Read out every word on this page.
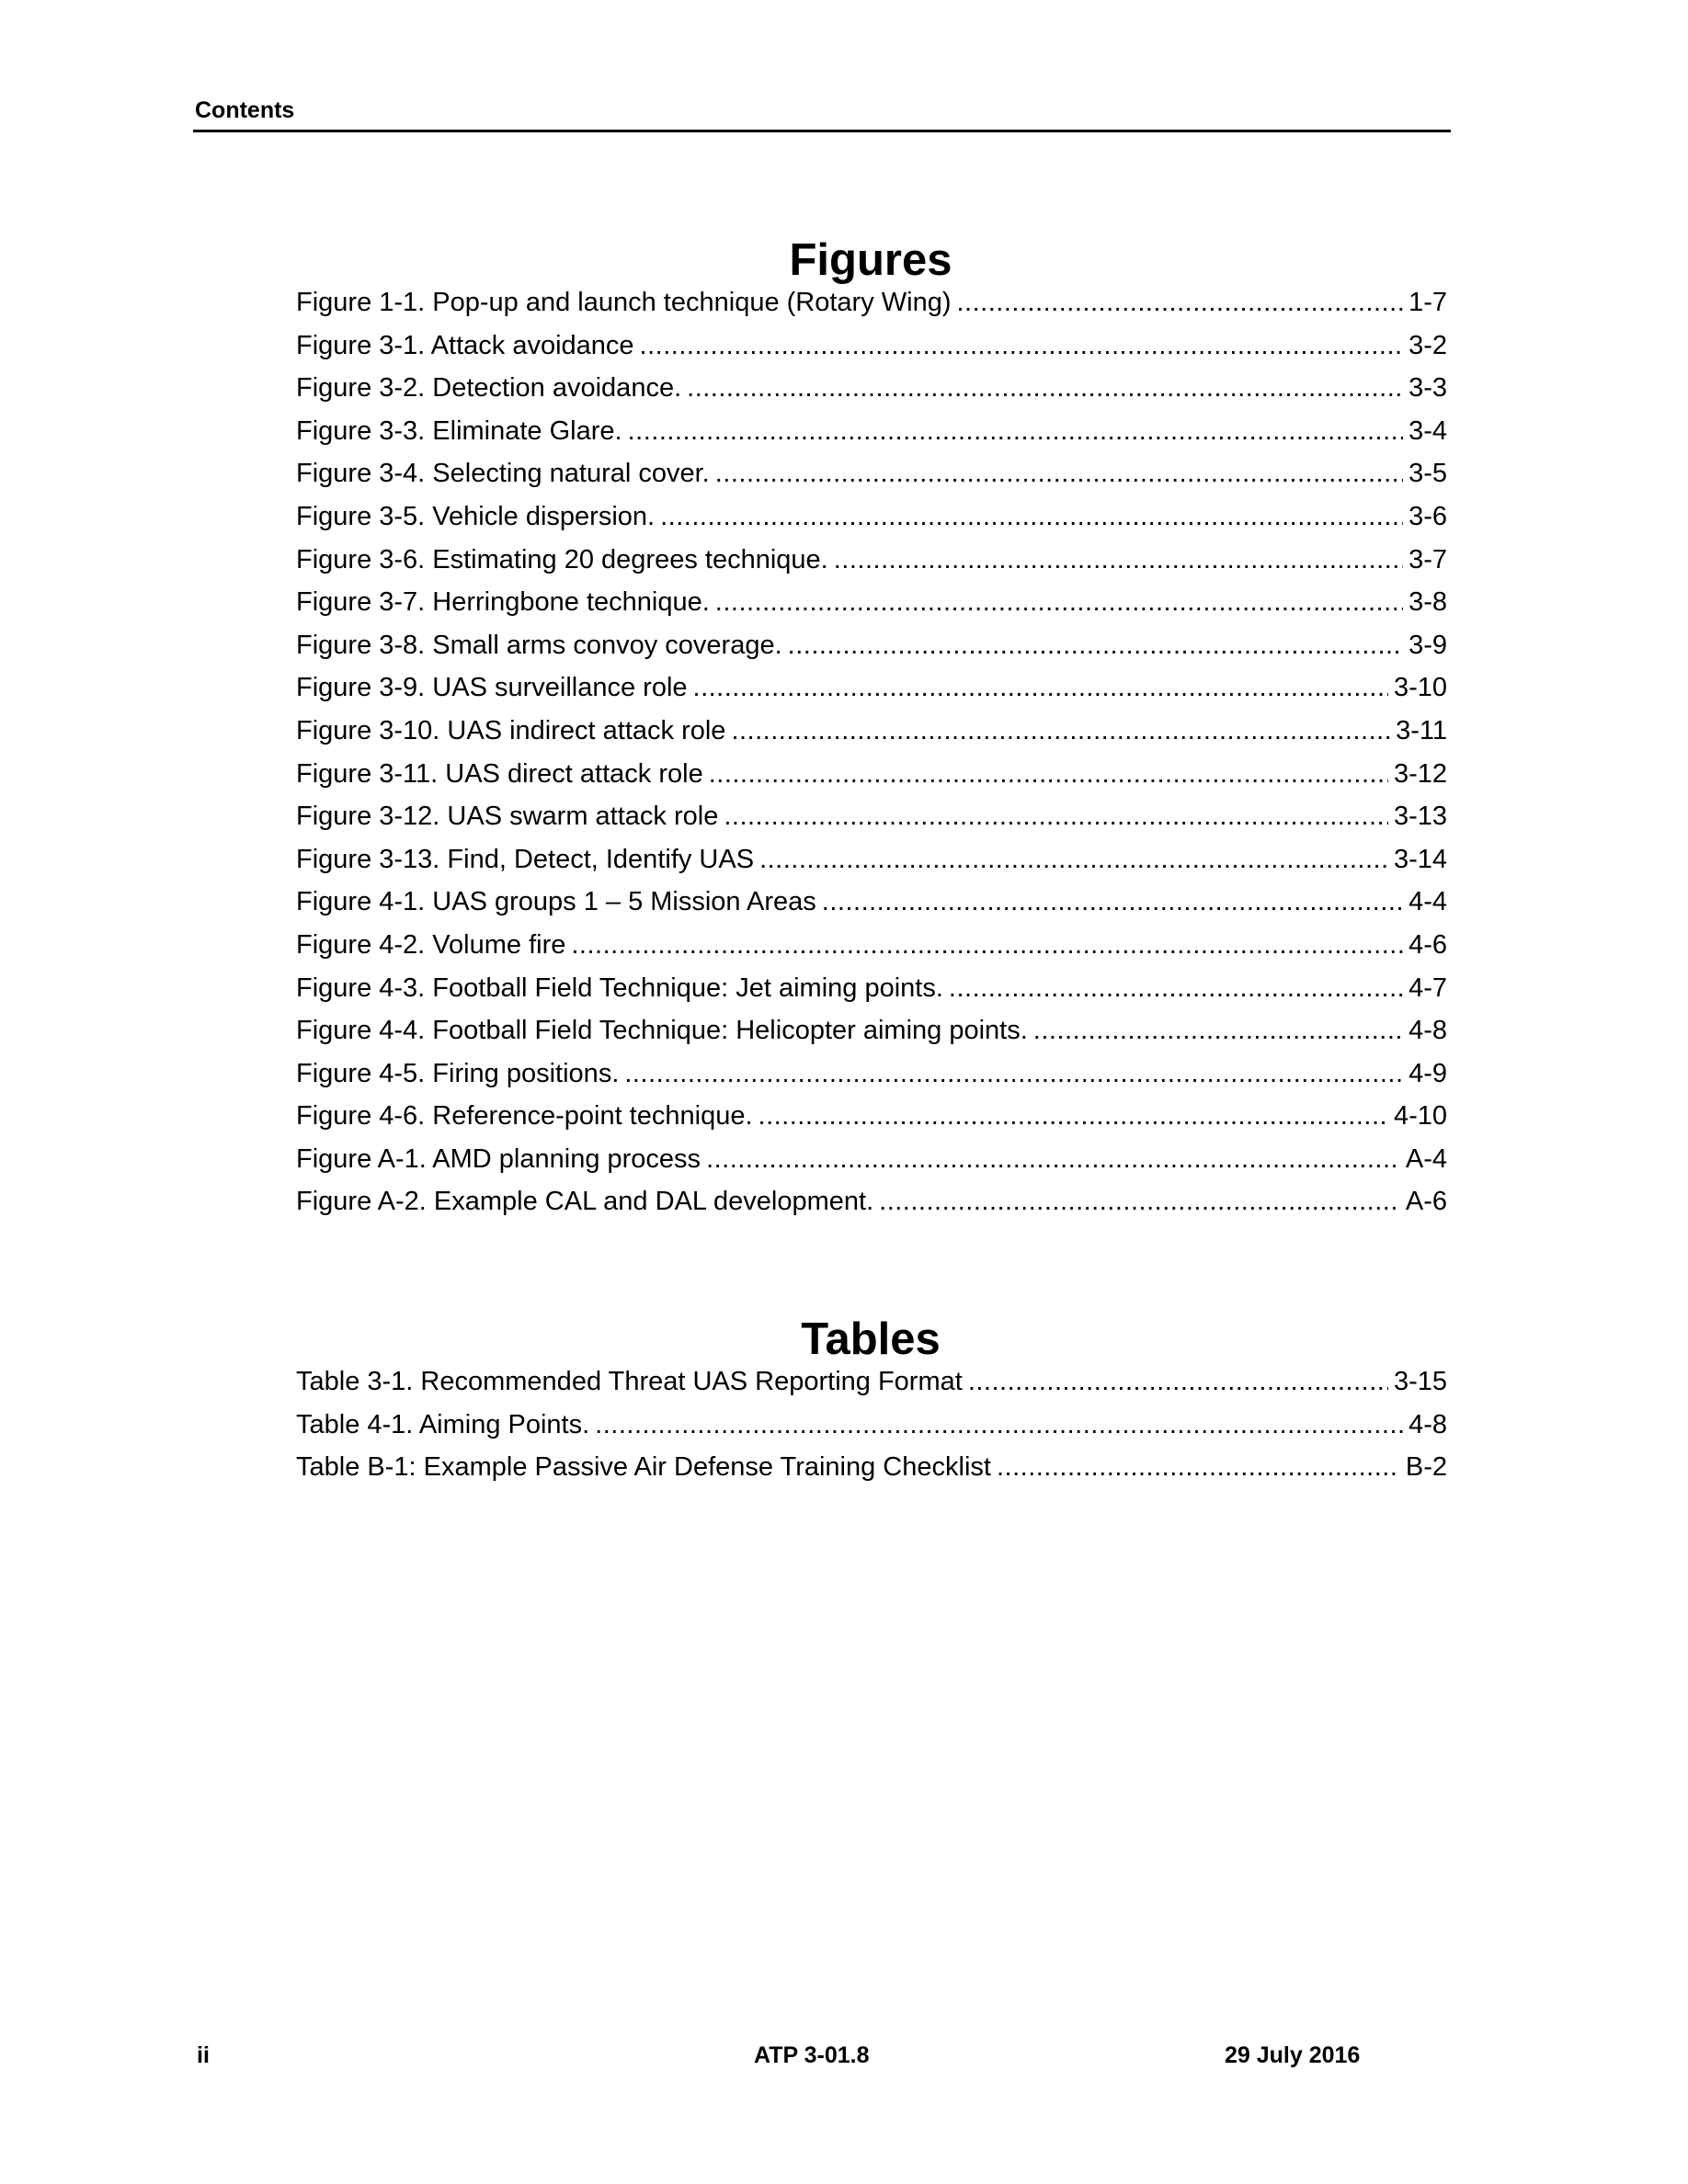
Contents
Figures
Figure 1-1. Pop-up and launch technique (Rotary Wing) .....	1-7
Figure 3-1. Attack avoidance .....	3-2
Figure 3-2. Detection avoidance. .....	3-3
Figure 3-3. Eliminate Glare. .....	3-4
Figure 3-4. Selecting natural cover. .....	3-5
Figure 3-5. Vehicle dispersion. .....	3-6
Figure 3-6. Estimating 20 degrees technique. .....	3-7
Figure 3-7. Herringbone technique. .....	3-8
Figure 3-8. Small arms convoy coverage. .....	3-9
Figure 3-9. UAS surveillance role .....	3-10
Figure 3-10. UAS indirect attack role .....	3-11
Figure 3-11. UAS direct attack role .....	3-12
Figure 3-12. UAS swarm attack role .....	3-13
Figure 3-13. Find, Detect, Identify UAS .....	3-14
Figure 4-1. UAS groups 1 – 5 Mission Areas .....	4-4
Figure 4-2. Volume fire .....	4-6
Figure 4-3. Football Field Technique: Jet aiming points. .....	4-7
Figure 4-4. Football Field Technique: Helicopter aiming points. .....	4-8
Figure 4-5. Firing positions. .....	4-9
Figure 4-6. Reference-point technique. .....	4-10
Figure A-1. AMD planning process .....	A-4
Figure A-2. Example CAL and DAL development. .....	A-6
Tables
Table 3-1. Recommended Threat UAS Reporting Format .....	3-15
Table 4-1. Aiming Points. .....	4-8
Table B-1: Example Passive Air Defense Training Checklist .....	B-2
ii	ATP 3-01.8	29 July 2016
